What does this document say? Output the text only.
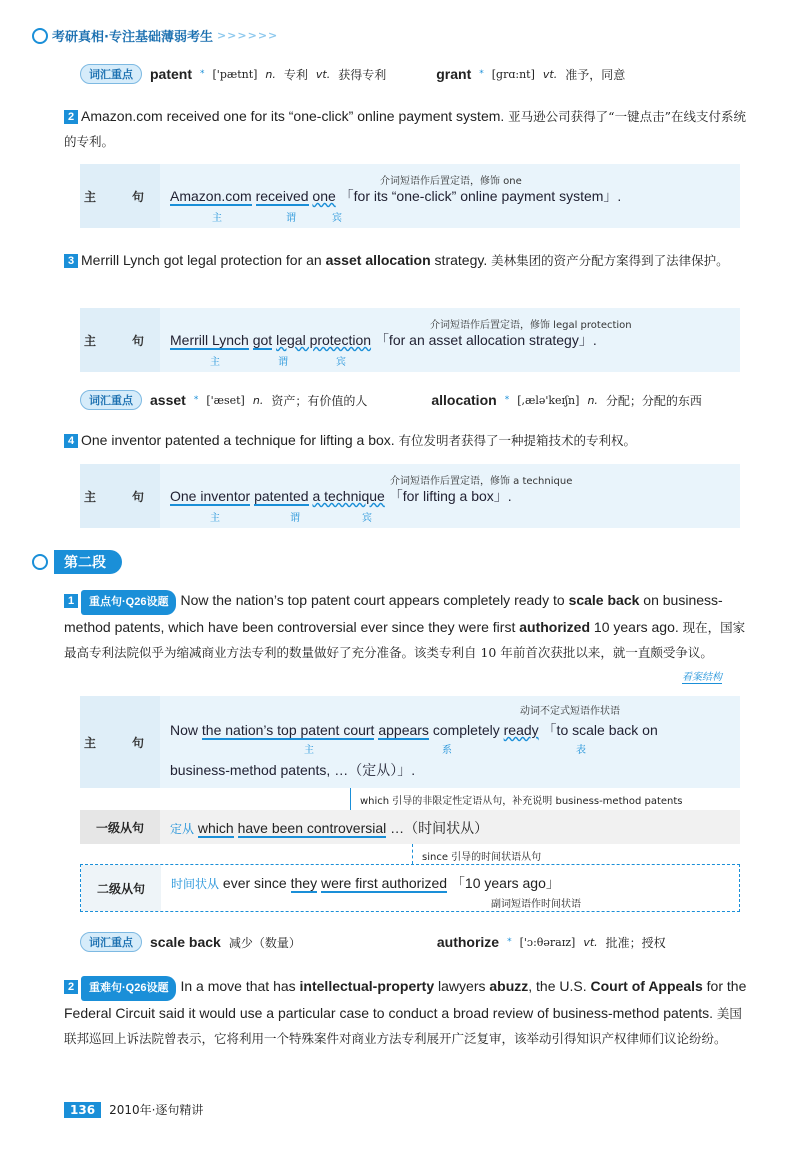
考研真相·专注基础薄弱考生 >>>>>>
词汇重点	patent * ['pætnt] n. 专利 vt. 获得专利	grant * [grɑ:nt] vt. 准予，同意
2 Amazon.com received one for its “one-click” online payment system. 亚马逊公司获得了“一键点击”在线支付系统的专利。
主　句
介词短语作后置定语，修饰 one
Amazon.com received one 「for its “one-click” online payment system」.
主	谓	宾
3 Merrill Lynch got legal protection for an asset allocation strategy. 美林集团的资产分配方案得到了法律保护。
主　句
介词短语作后置定语，修饰 legal protection
Merrill Lynch got legal protection 「for an asset allocation strategy」.
主	谓	宾
词汇重点	asset * ['æset] n. 资产；有价值的人	allocation * [,ælə'keɪʃn] n. 分配；分配的东西
4 One inventor patented a technique for lifting a box. 有位发明者获得了一种提箱技术的专利权。
主　句
介词短语作后置定语，修饰 a technique
One inventor patented a technique 「for lifting a box」.
主	谓	宾
第二段
1 重点句·Q26设题 Now the nation’s top patent court appears completely ready to scale back on business-method patents, which have been controversial ever since they were first authorized 10 years ago. 现在，国家最高专利法院似乎为缩减商业方法专利的数量做好了充分准备。该类专利自 10 年前首次获批以来，就一直颇受争议。
看案结构
主　句
动词不定式短语作状语
Now the nation’s top patent court appears completely ready 「to scale back on
business-method patents, …（定从）」.
主	系	表
which 引导的非限定性定语从句，补充说明 business-method patents
一级从句	定从 which have been controversial …（时间状从）
since 引导的时间状语从句
二级从句	时间状从 ever since they were first authorized 「10 years ago」
副词短语作时间状语
词汇重点	scale back 减少（数量）	authorize * ['ɔ:θəraɪz] vt. 批准；授权
2 重难句·Q26设题 In a move that has intellectual-property lawyers abuzz, the U.S. Court of Appeals for the Federal Circuit said it would use a particular case to conduct a broad review of business-method patents. 美国联邦巡回上诉法院曾表示，它将利用一个特殊案件对商业方法专利展开广泛复审，该举动引得知识产权律师们议论纷纷。
136	2010年·逐句精讲
